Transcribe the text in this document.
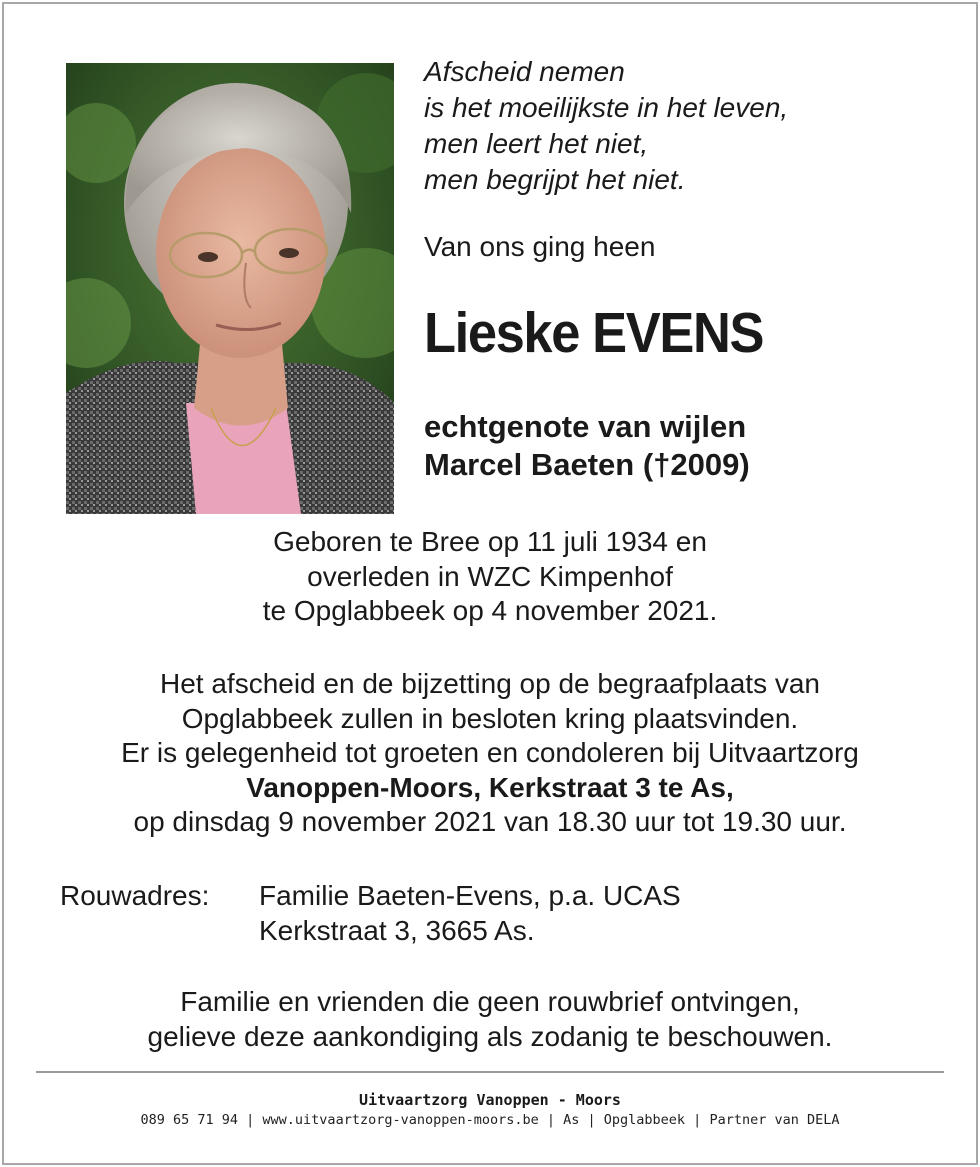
Afscheid nemen
is het moeilijkste in het leven,
men leert het niet,
men begrijpt het niet.
Van ons ging heen
Lieske EVENS
echtgenote van wijlen
Marcel Baeten (†2009)
Geboren te Bree op 11 juli 1934 en
overleden in WZC Kimpenhof
te Opglabbeek op 4 november 2021.
Het afscheid en de bijzetting op de begraafplaats van
Opglabbeek zullen in besloten kring plaatsvinden.
Er is gelegenheid tot groeten en condoleren bij Uitvaartzorg
Vanoppen-Moors, Kerkstraat 3 te As,
op dinsdag 9 november 2021 van 18.30 uur tot 19.30 uur.
Rouwadres: Familie Baeten-Evens, p.a. UCAS
Kerkstraat 3, 3665 As.
Familie en vrienden die geen rouwbrief ontvingen,
gelieve deze aankondiging als zodanig te beschouwen.
Uitvaartzorg Vanoppen - Moors
089 65 71 94 | www.uitvaartzorg-vanoppen-moors.be | As | Opglabbeek | Partner van DELA
